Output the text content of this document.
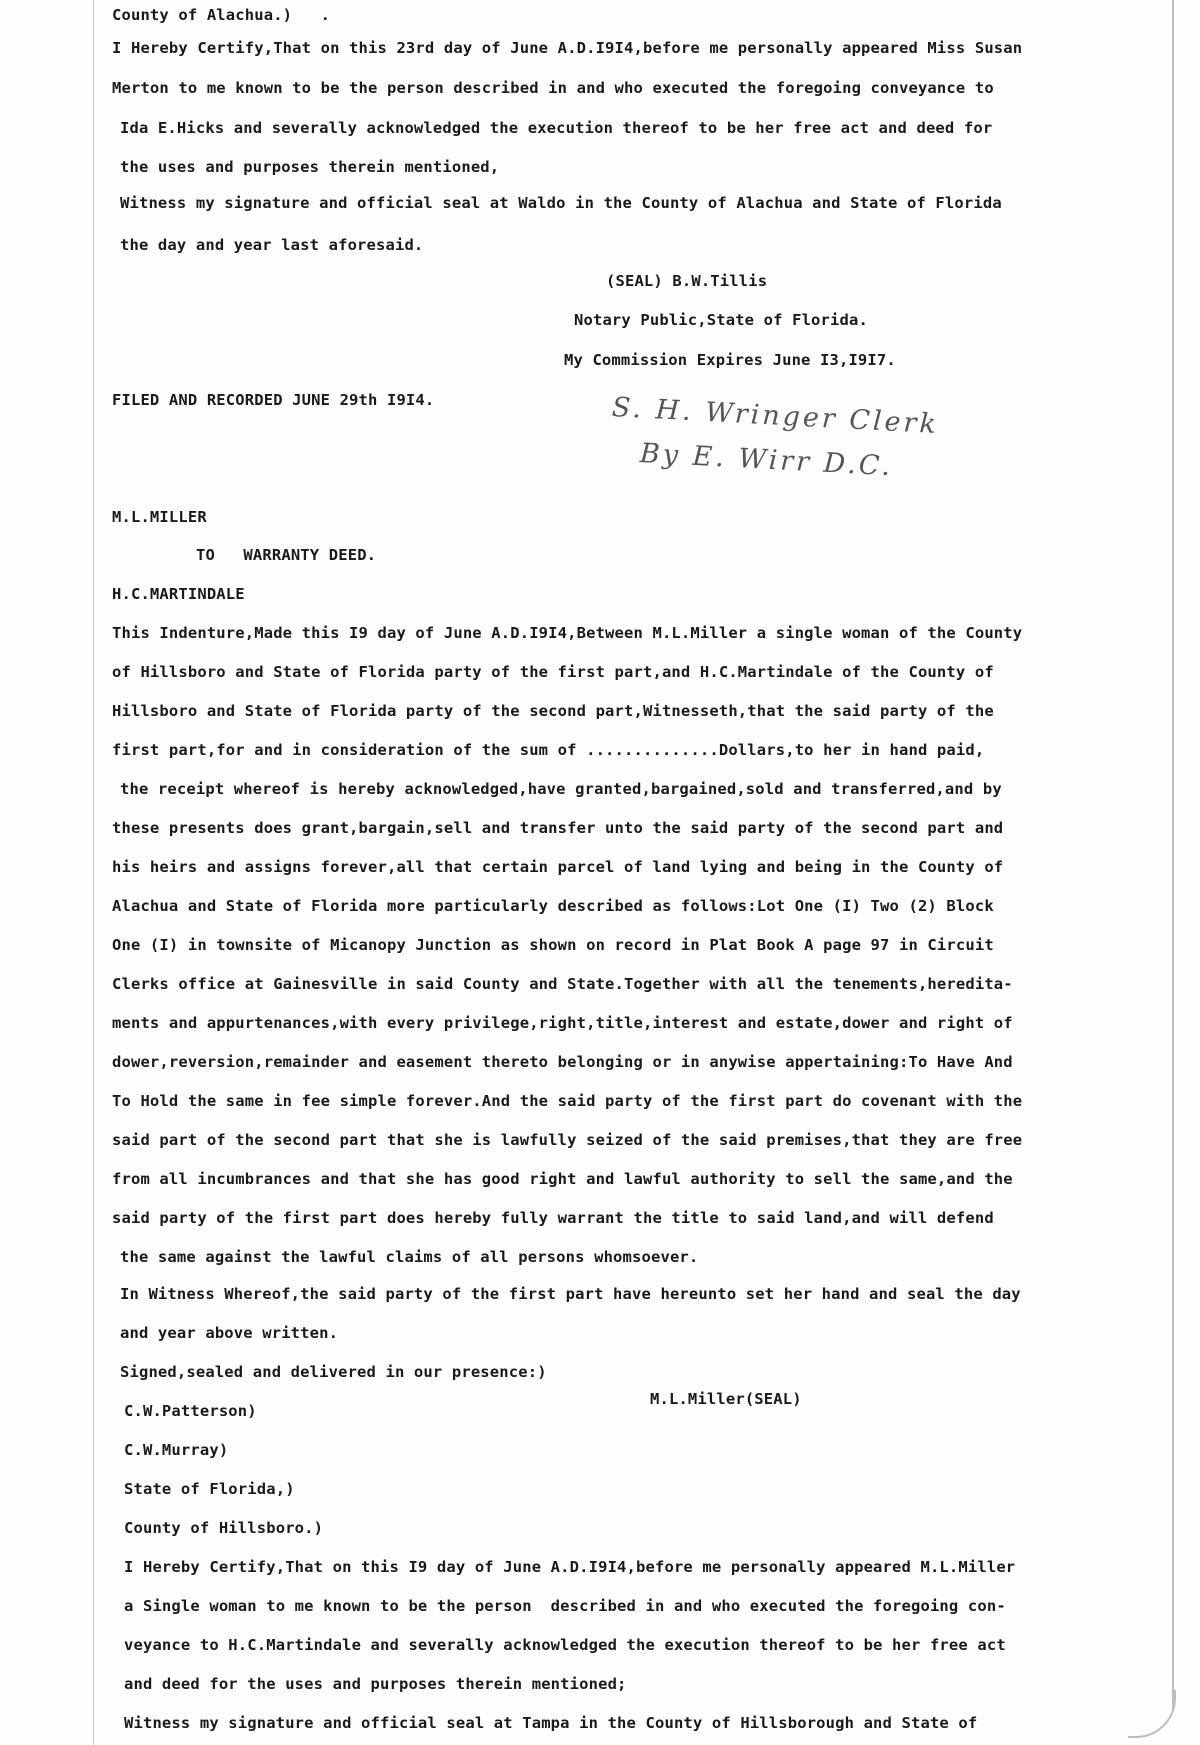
County of Alachua.)   .
I Hereby Certify,That on this 23rd day of June A.D.I9I4,before me personally appeared Miss Susan
Merton to me known to be the person described in and who executed the foregoing conveyance to
Ida E.Hicks and severally acknowledged the execution thereof to be her free act and deed for
the uses and purposes therein mentioned,
Witness my signature and official seal at Waldo in the County of Alachua and State of Florida
the day and year last aforesaid.
(SEAL) B.W.Tillis
Notary Public,State of Florida.
My Commission Expires June I3,I9I7.
FILED AND RECORDED JUNE 29th I9I4.	S. H. Wringer Clerk
By E. Wirr D.C.
M.L.MILLER
TO   WARRANTY DEED.
H.C.MARTINDALE
This Indenture,Made this I9 day of June A.D.I9I4,Between M.L.Miller a single woman of the County
of Hillsboro and State of Florida party of the first part,and H.C.Martindale of the County of
Hillsboro and State of Florida party of the second part,Witnesseth,that the said party of the
first part,for and in consideration of the sum of ..............Dollars,to her in hand paid,
the receipt whereof is hereby acknowledged,have granted,bargained,sold and transferred,and by
these presents does grant,bargain,sell and transfer unto the said party of the second part and
his heirs and assigns forever,all that certain parcel of land lying and being in the County of
Alachua and State of Florida more particularly described as follows:Lot One (I) Two (2) Block
One (I) in townsite of Micanopy Junction as shown on record in Plat Book A page 97 in Circuit
Clerks office at Gainesville in said County and State.Together with all the tenements,heredita-
ments and appurtenances,with every privilege,right,title,interest and estate,dower and right of
dower,reversion,remainder and easement thereto belonging or in anywise appertaining:To Have And
To Hold the same in fee simple forever.And the said party of the first part do covenant with the
said part of the second part that she is lawfully seized of the said premises,that they are free
from all incumbrances and that she has good right and lawful authority to sell the same,and the
said party of the first part does hereby fully warrant the title to said land,and will defend
the same against the lawful claims of all persons whomsoever.
In Witness Whereof,the said party of the first part have hereunto set her hand and seal the day
and year above written.
Signed,sealed and delivered in our presence:)
C.W.Patterson)
M.L.Miller(SEAL)
C.W.Murray)
State of Florida,)
County of Hillsboro.)
I Hereby Certify,That on this I9 day of June A.D.I9I4,before me personally appeared M.L.Miller
a Single woman to me known to be the person  described in and who executed the foregoing con-
veyance to H.C.Martindale and severally acknowledged the execution thereof to be her free act
and deed for the uses and purposes therein mentioned;
Witness my signature and official seal at Tampa in the County of Hillsborough and State of
